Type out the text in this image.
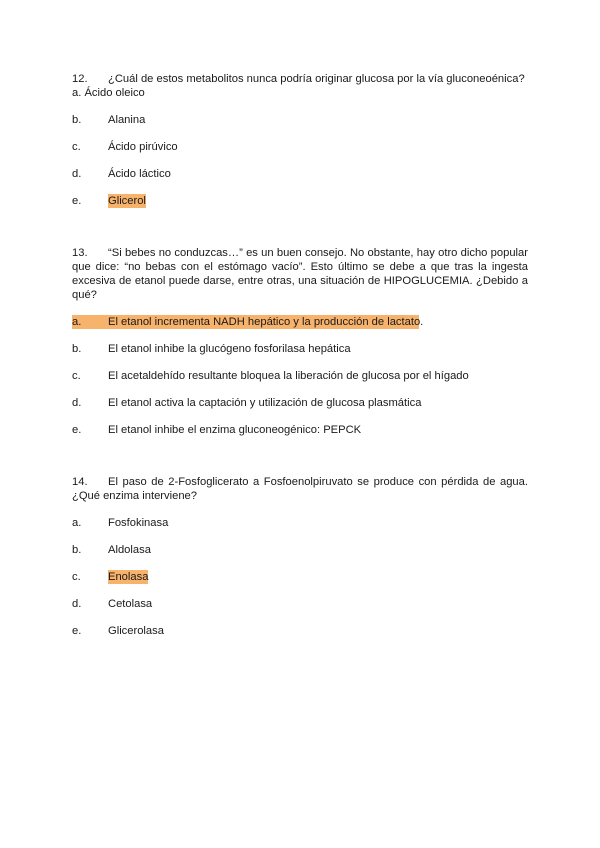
12. ¿Cuál de estos metabolitos nunca podría originar glucosa por la vía gluconeoénica?
a. Ácido oleico

b. Alanina
c. Ácido pirúvico
d. Ácido láctico
e. Glicerol

13. “Si bebes no conduzcas…” es un buen consejo. No obstante, hay otro dicho popular que dice: “no bebas con el estómago vacío”. Esto último se debe a que tras la ingesta excesiva de etanol puede darse, entre otras, una situación de HIPOGLUCEMIA. ¿Debido a qué?

a. El etanol incrementa NADH hepático y la producción de lactato.
b. El etanol inhibe la glucógeno fosforilasa hepática
c. El acetaldehído resultante bloquea la liberación de glucosa por el hígado
d. El etanol activa la captación y utilización de glucosa plasmática
e. El etanol inhibe el enzima gluconeogénico: PEPCK

14. El paso de 2-Fosfoglicerato a Fosfoenolpiruvato se produce con pérdida de agua. ¿Qué enzima interviene?

a. Fosfokinasa
b. Aldolasa
c. Enolasa
d. Cetolasa
e. Glicerolasa
